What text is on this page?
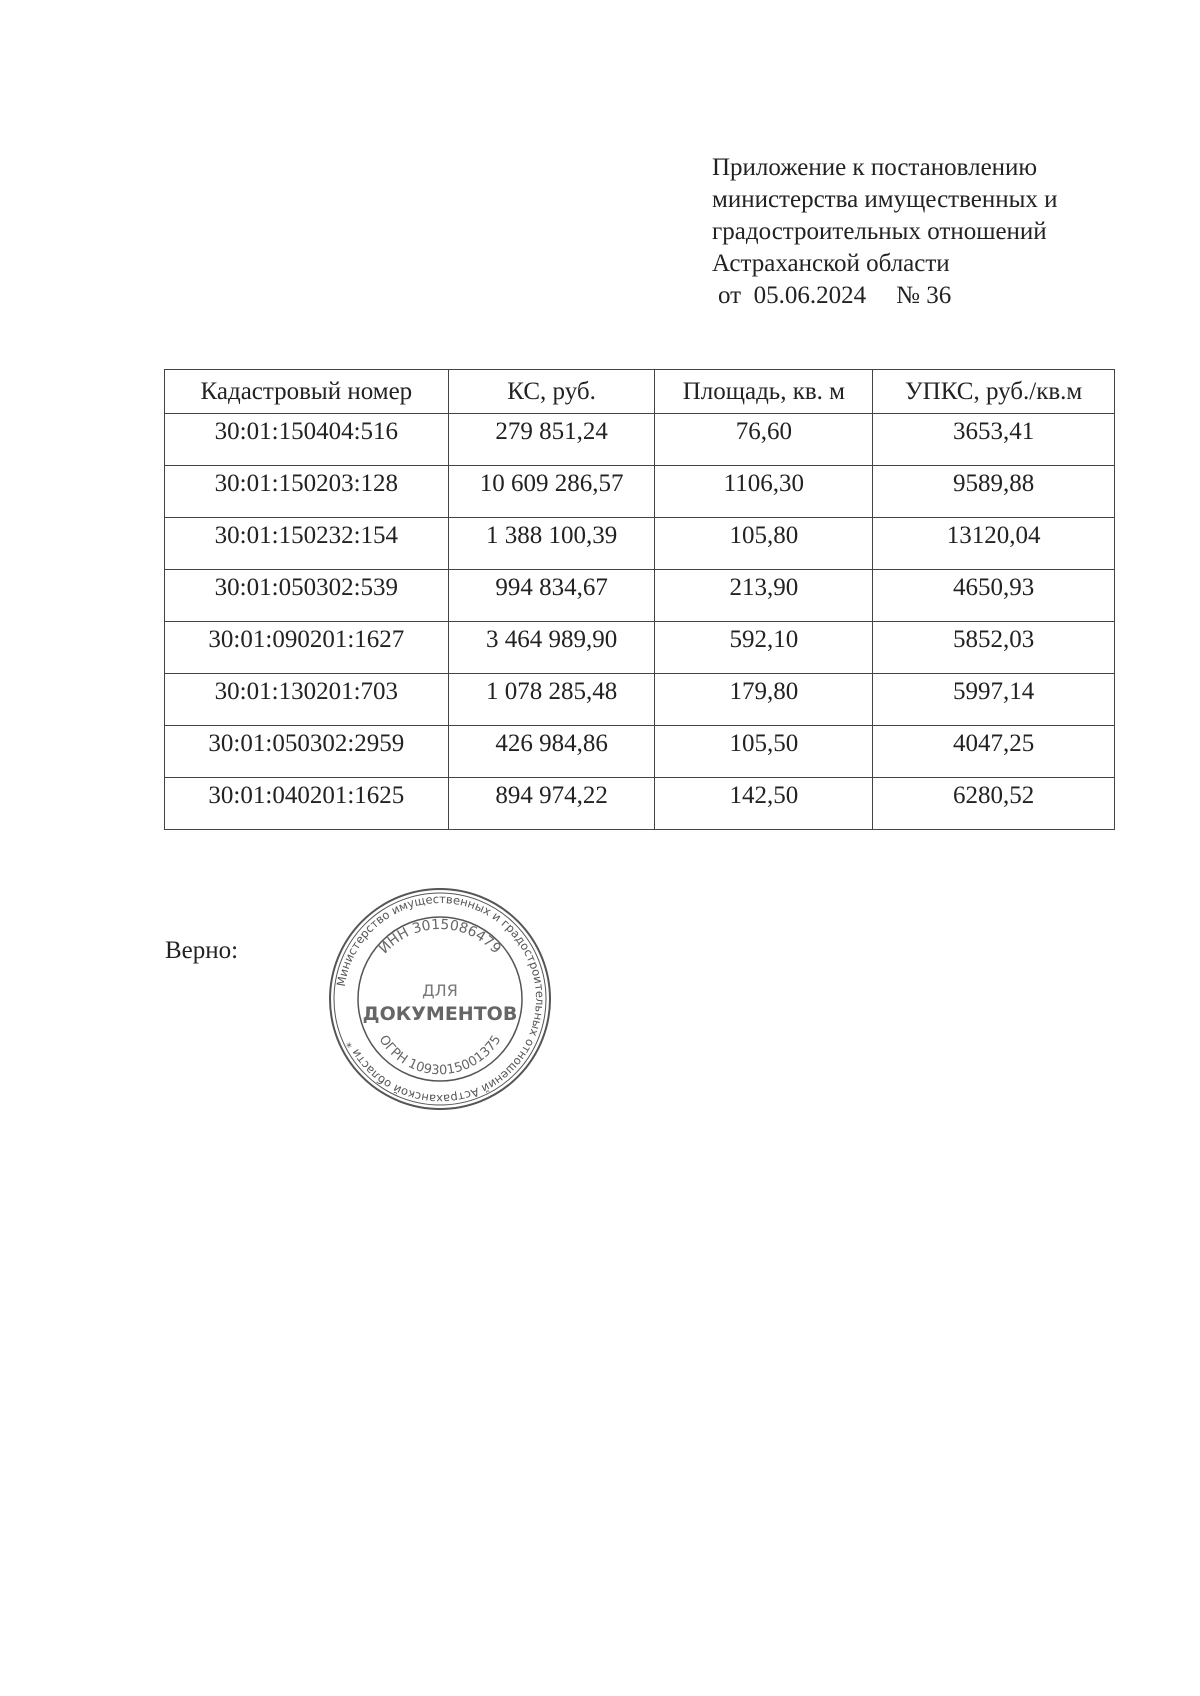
Приложение к постановлению
министерства имущественных и
градостроительных отношений
Астраханской области
от 05.06.2024 № 36
Кадастровый номер	КС, руб.	Площадь, кв. м	УПКС, руб./кв.м
30:01:150404:516	279 851,24	76,60	3653,41
30:01:150203:128	10 609 286,57	1106,30	9589,88
30:01:150232:154	1 388 100,39	105,80	13120,04
30:01:050302:539	994 834,67	213,90	4650,93
30:01:090201:1627	3 464 989,90	592,10	5852,03
30:01:130201:703	1 078 285,48	179,80	5997,14
30:01:050302:2959	426 984,86	105,50	4047,25
30:01:040201:1625	894 974,22	142,50	6280,52
Верно:
Министерство имущественных и градостроительных отношений Астраханской области *
ИНН 3015086479
ОГРН 1093015001375
ДЛЯ
ДОКУМЕНТОВ
